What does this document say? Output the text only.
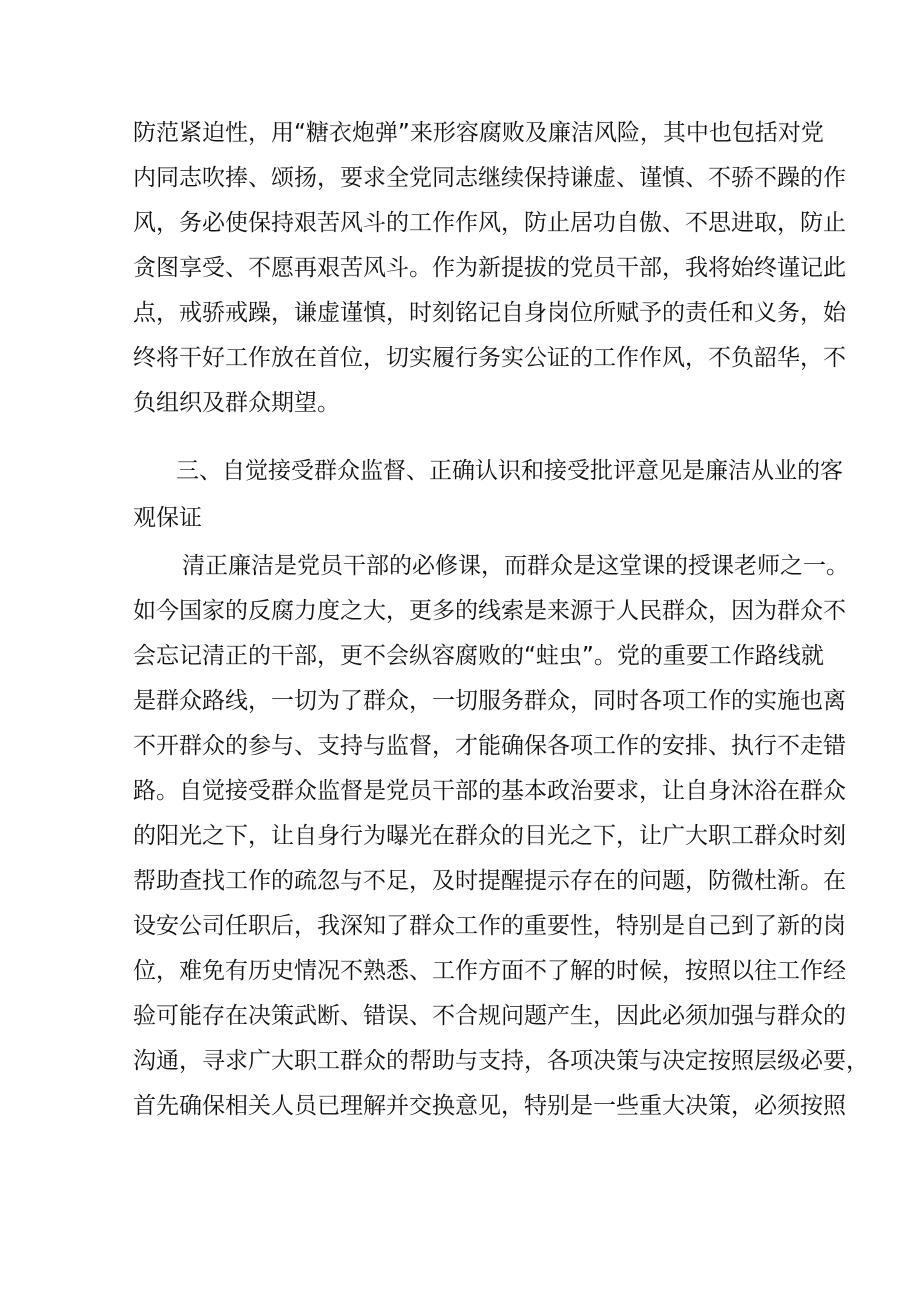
防范紧迫性，用“糖衣炮弹”来形容腐败及廉洁风险，其中也包括对党
内同志吹捧、颂扬，要求全党同志继续保持谦虚、谨慎、不骄不躁的作
风，务必使保持艰苦风斗的工作作风，防止居功自傲、不思进取，防止
贪图享受、不愿再艰苦风斗。作为新提拔的党员干部，我将始终谨记此
点，戒骄戒躁，谦虚谨慎，时刻铭记自身岗位所赋予的责任和义务，始
终将干好工作放在首位，切实履行务实公证的工作作风，不负韶华，不
负组织及群众期望。
三、自觉接受群众监督、正确认识和接受批评意见是廉洁从业的客
观保证
清正廉洁是党员干部的必修课，而群众是这堂课的授课老师之一。
如今国家的反腐力度之大，更多的线索是来源于人民群众，因为群众不
会忘记清正的干部，更不会纵容腐败的“蛀虫”。党的重要工作路线就
是群众路线，一切为了群众，一切服务群众，同时各项工作的实施也离
不开群众的参与、支持与监督，才能确保各项工作的安排、执行不走错
路。自觉接受群众监督是党员干部的基本政治要求，让自身沐浴在群众
的阳光之下，让自身行为曝光在群众的目光之下，让广大职工群众时刻
帮助查找工作的疏忽与不足，及时提醒提示存在的问题，防微杜渐。在
设安公司任职后，我深知了群众工作的重要性，特别是自己到了新的岗
位，难免有历史情况不熟悉、工作方面不了解的时候，按照以往工作经
验可能存在决策武断、错误、不合规问题产生，因此必须加强与群众的
沟通，寻求广大职工群众的帮助与支持，各项决策与决定按照层级必要，
首先确保相关人员已理解并交换意见，特别是一些重大决策，必须按照
